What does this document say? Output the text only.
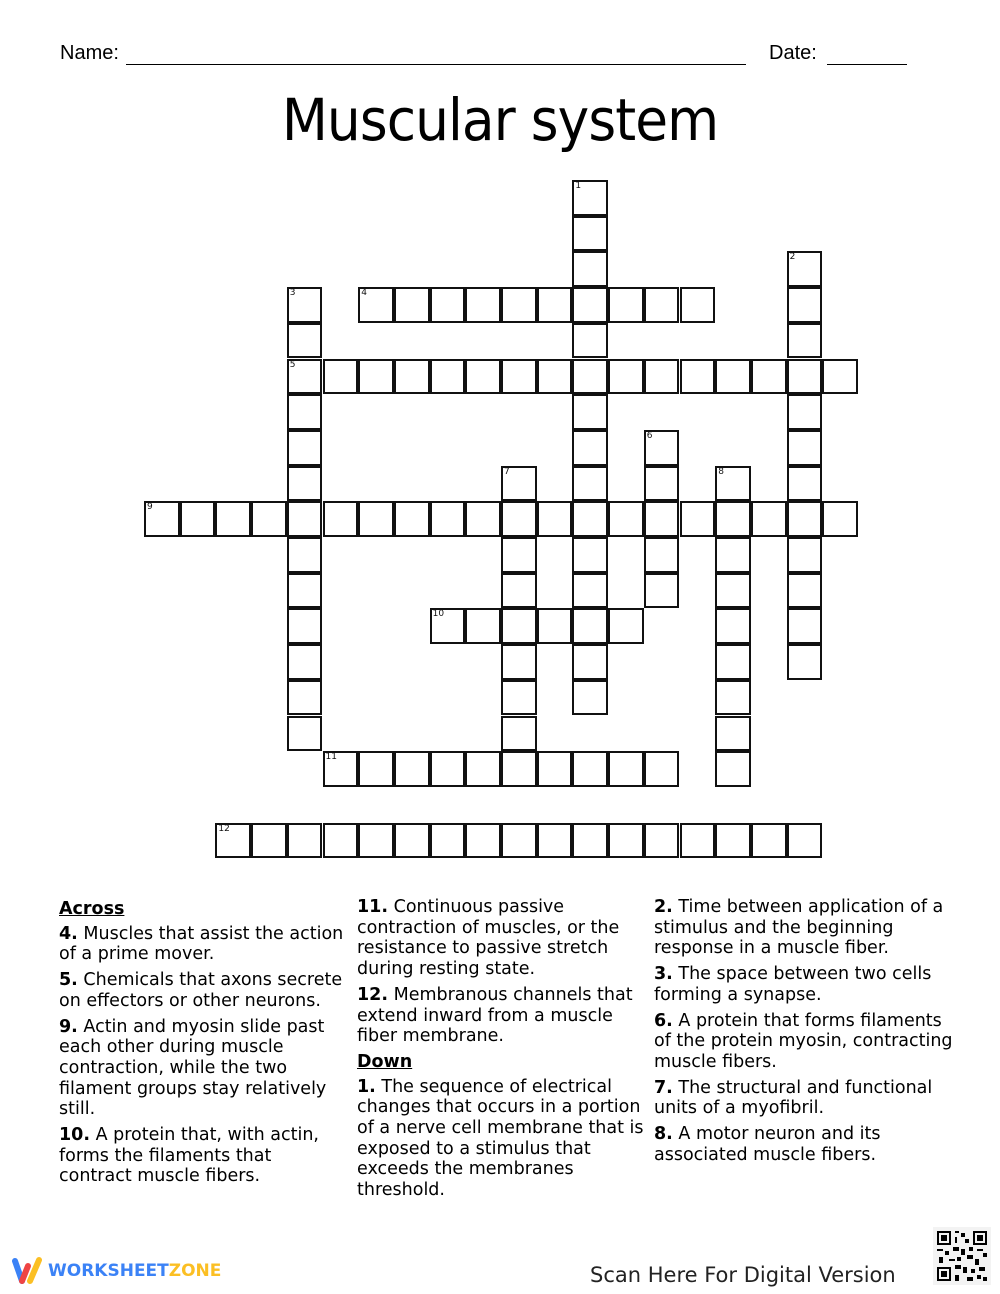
Name:	Date:
Muscular system
1
2
3
5
4
6
7	8
9
10
11
12
Across
4. Muscles that assist the action of a prime mover.
5. Chemicals that axons secrete on effectors or other neurons.
9. Actin and myosin slide past each other during muscle contraction, while the two filament groups stay relatively still.
10. A protein that, with actin, forms the filaments that contract muscle fibers.
11. Continuous passive contraction of muscles, or the resistance to passive stretch during resting state.
12. Membranous channels that extend inward from a muscle fiber membrane.
Down
1. The sequence of electrical changes that occurs in a portion of a nerve cell membrane that is exposed to a stimulus that exceeds the membranes threshold.
2. Time between application of a stimulus and the beginning response in a muscle fiber.
3. The space between two cells forming a synapse.
6. A protein that forms filaments of the protein myosin, contracting muscle fibers.
7. The structural and functional units of a myofibril.
8. A motor neuron and its associated muscle fibers.
WORKSHEETZONE	Scan Here For Digital Version
